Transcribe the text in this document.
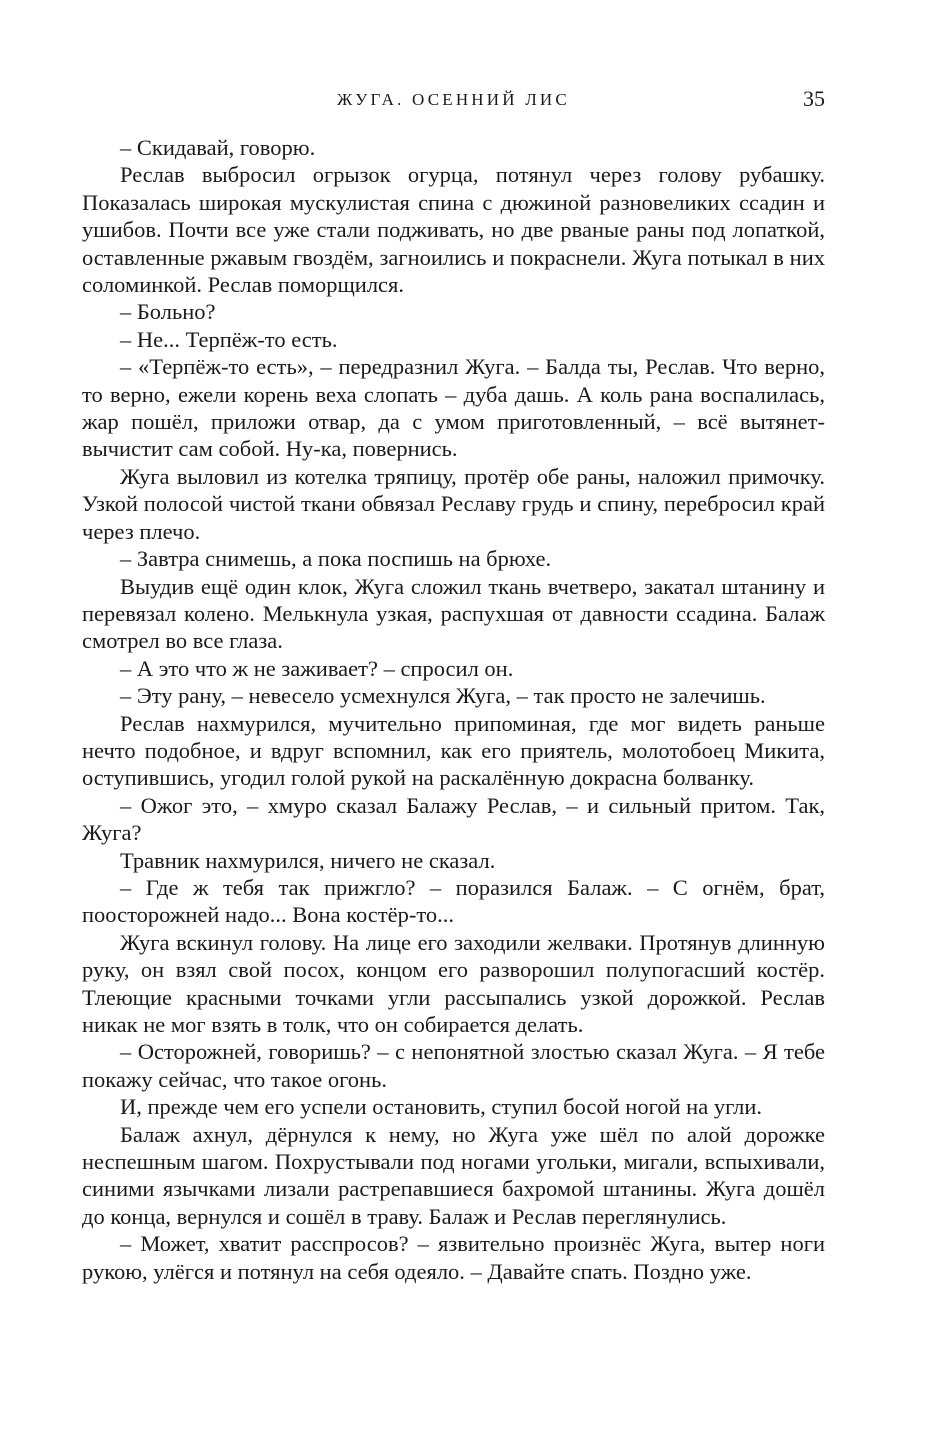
ЖУГА. ОСЕННИЙ ЛИС	35

– Скидавай, говорю.

Реслав выбросил огрызок огурца, потянул через голову рубашку. Показалась широкая мускулистая спина с дюжиной разновеликих ссадин и ушибов. Почти все уже стали подживать, но две рваные раны под лопаткой, оставленные ржавым гвоздём, загноились и покраснели. Жуга потыкал в них соломинкой. Реслав поморщился.

– Больно?

– Не... Терпёж-то есть.

– «Терпёж-то есть», – передразнил Жуга. – Балда ты, Реслав. Что верно, то верно, ежели корень веха слопать – дуба дашь. А коль рана воспалилась, жар пошёл, приложи отвар, да с умом приготовленный, – всё вытянет-вычистит сам собой. Ну-ка, повернись.

Жуга выловил из котелка тряпицу, протёр обе раны, наложил примочку. Узкой полосой чистой ткани обвязал Реславу грудь и спину, перебросил край через плечо.

– Завтра снимешь, а пока поспишь на брюхе.

Выудив ещё один клок, Жуга сложил ткань вчетверо, закатал штанину и перевязал колено. Мелькнула узкая, распухшая от давности ссадина. Балаж смотрел во все глаза.

– А это что ж не заживает? – спросил он.

– Эту рану, – невесело усмехнулся Жуга, – так просто не залечишь.

Реслав нахмурился, мучительно припоминая, где мог видеть раньше нечто подобное, и вдруг вспомнил, как его приятель, молотобоец Микита, оступившись, угодил голой рукой на раскалённую докрасна болванку.

– Ожог это, – хмуро сказал Балажу Реслав, – и сильный притом. Так, Жуга?

Травник нахмурился, ничего не сказал.

– Где ж тебя так прижгло? – поразился Балаж. – С огнём, брат, поосторожней надо... Вона костёр-то...

Жуга вскинул голову. На лице его заходили желваки. Протянув длинную руку, он взял свой посох, концом его разворошил полупогасший костёр. Тлеющие красными точками угли рассыпались узкой дорожкой. Реслав никак не мог взять в толк, что он собирается делать.

– Осторожней, говоришь? – с непонятной злостью сказал Жуга. – Я тебе покажу сейчас, что такое огонь.

И, прежде чем его успели остановить, ступил босой ногой на угли.

Балаж ахнул, дёрнулся к нему, но Жуга уже шёл по алой дорожке неспешным шагом. Похрустывали под ногами угольки, мигали, вспыхивали, синими язычками лизали растрепавшиеся бахромой штанины. Жуга дошёл до конца, вернулся и сошёл в траву. Балаж и Реслав переглянулись.

– Может, хватит расспросов? – язвительно произнёс Жуга, вытер ноги рукою, улёгся и потянул на себя одеяло. – Давайте спать. Поздно уже.
